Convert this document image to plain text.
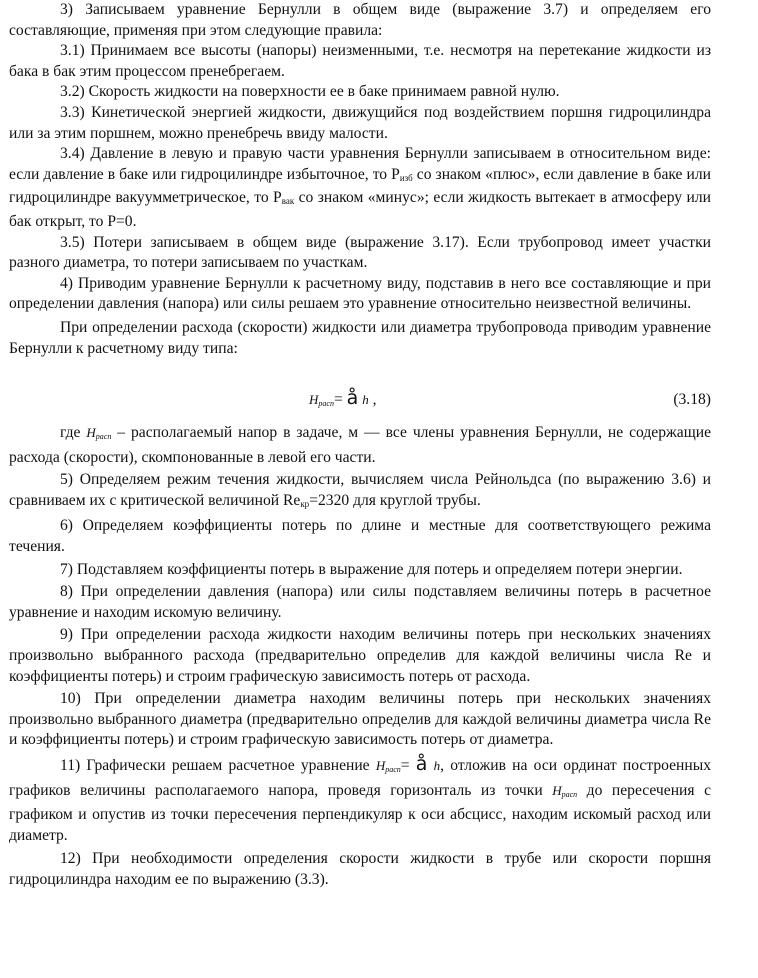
3) Записываем уравнение Бернулли в общем виде (выражение 3.7) и определяем его составляющие, применяя при этом следующие правила:

3.1) Принимаем все высоты (напоры) неизменными, т.е. несмотря на перетекание жидкости из бака в бак этим процессом пренебрегаем.

3.2) Скорость жидкости на поверхности ее в баке принимаем равной нулю.

3.3) Кинетической энергией жидкости, движущийся под воздействием поршня гидроцилиндра или за этим поршнем, можно пренебречь ввиду малости.

3.4) Давление в левую и правую части уравнения Бернулли записываем в относительном виде: если давление в баке или гидроцилиндре избыточное, то $P_{изб}$ со знаком «плюс», если давление в баке или гидроцилиндре вакуумметрическое, то $P_{вак}$ со знаком «минус»; если жидкость вытекает в атмосферу или бак открыт, то P=0.

3.5) Потери записываем в общем виде (выражение 3.17). Если трубопровод имеет участки разного диаметра, то потери записываем по участкам.

4) Приводим уравнение Бернулли к расчетному виду, подставив в него все составляющие и при определении давления (напора) или силы решаем это уравнение относительно неизвестной величины.

При определении расхода (скорости) жидкости или диаметра трубопровода приводим уравнение Бернулли к расчетному виду типа:

Hрасп= å h ,	(3.18)

где Hрасп – располагаемый напор в задаче, м — все члены уравнения Бернулли, не содержащие расхода (скорости), скомпонованные в левой его части.

5) Определяем режим течения жидкости, вычисляем числа Рейнольдса (по выражению 3.6) и сравниваем их с критической величиной $Re_{кр}=2320$ для круглой трубы.

6) Определяем коэффициенты потерь по длине и местные для соответствующего режима течения.

7) Подставляем коэффициенты потерь в выражение для потерь и определяем потери энергии.

8) При определении давления (напора) или силы подставляем величины потерь в расчетное уравнение и находим искомую величину.

9) При определении расхода жидкости находим величины потерь при нескольких значениях произвольно выбранного расхода (предварительно определив для каждой величины числа Re и коэффициенты потерь) и строим графическую зависимость потерь от расхода.

10) При определении диаметра находим величины потерь при нескольких значениях произвольно выбранного диаметра (предварительно определив для каждой величины диаметра числа Re и коэффициенты потерь) и строим графическую зависимость потерь от диаметра.

11) Графически решаем расчетное уравнение Hрасп= å h, отложив на оси ординат построенных графиков величины располагаемого напора, проведя горизонталь из точки Hрасп до пересечения с графиком и опустив из точки пересечения перпендикуляр к оси абсцисс, находим искомый расход или диаметр.

12) При необходимости определения скорости жидкости в трубе или скорости поршня гидроцилиндра находим ее по выражению (3.3).
